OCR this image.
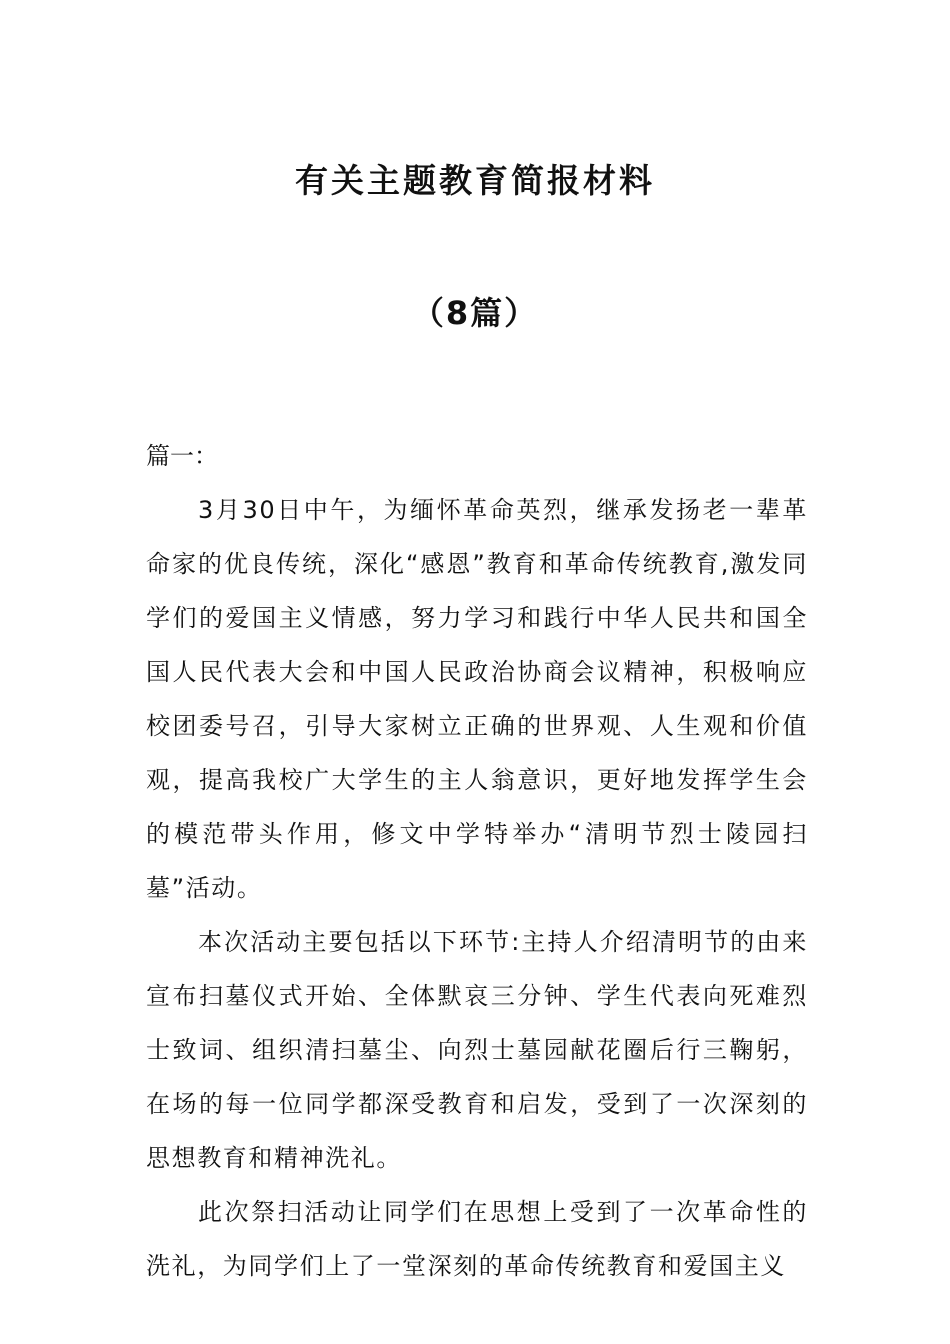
有关主题教育简报材料
（8篇）

篇一：

3月30日中午，为缅怀革命英烈，继承发扬老一辈革命家的优良传统，深化“感恩”教育和革命传统教育,激发同学们的爱国主义情感，努力学习和践行中华人民共和国全国人民代表大会和中国人民政治协商会议精神，积极响应校团委号召，引导大家树立正确的世界观、人生观和价值观，提高我校广大学生的主人翁意识，更好地发挥学生会的模范带头作用，修文中学特举办“清明节烈士陵园扫墓”活动。

本次活动主要包括以下环节:主持人介绍清明节的由来宣布扫墓仪式开始、全体默哀三分钟、学生代表向死难烈士致词、组织清扫墓尘、向烈士墓园献花圈后行三鞠躬，在场的每一位同学都深受教育和启发，受到了一次深刻的思想教育和精神洗礼。

此次祭扫活动让同学们在思想上受到了一次革命性的洗礼，为同学们上了一堂深刻的革命传统教育和爱国主义
